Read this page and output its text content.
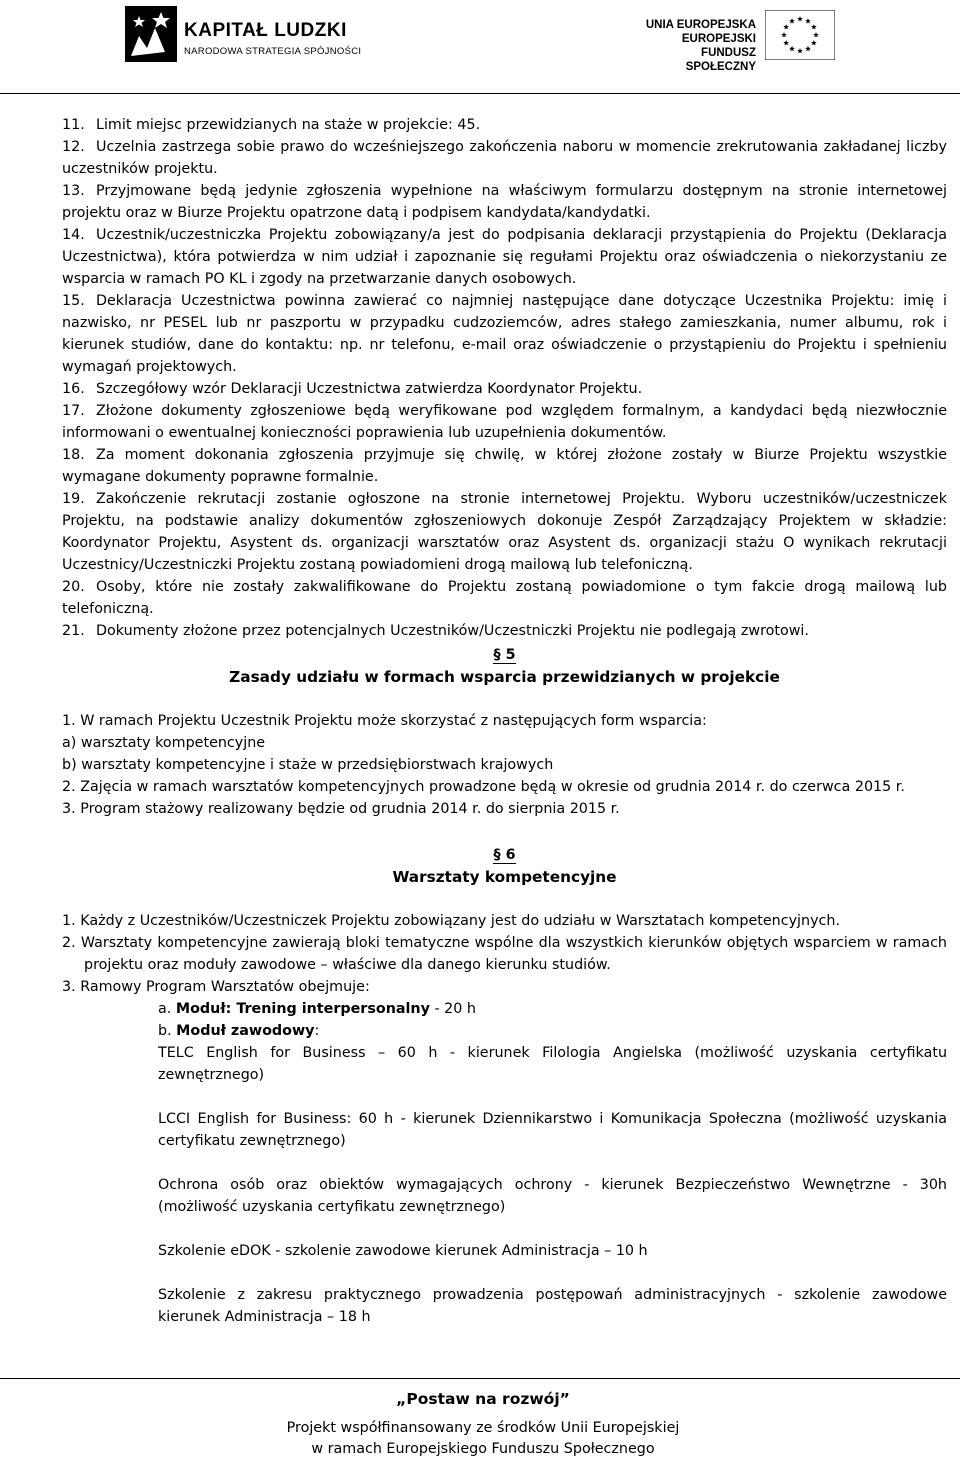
KAPITAŁ LUDZKI
NARODOWA STRATEGIA SPÓJNOŚCI
UNIA EUROPEJSKA
EUROPEJSKI
FUNDUSZ SPOŁECZNY

11. Limit miejsc przewidzianych na staże w projekcie: 45.

12. Uczelnia zastrzega sobie prawo do wcześniejszego zakończenia naboru w momencie zrekrutowania zakładanej liczby uczestników projektu.

13. Przyjmowane będą jedynie zgłoszenia wypełnione na właściwym formularzu dostępnym na stronie internetowej projektu oraz w Biurze Projektu opatrzone datą i podpisem kandydata/kandydatki.

14. Uczestnik/uczestniczka Projektu zobowiązany/a jest do podpisania deklaracji przystąpienia do Projektu (Deklaracja Uczestnictwa), która potwierdza w nim udział i zapoznanie się regułami Projektu oraz oświadczenia o niekorzystaniu ze wsparcia w ramach PO KL i zgody na przetwarzanie danych osobowych.

15. Deklaracja Uczestnictwa powinna zawierać co najmniej następujące dane dotyczące Uczestnika Projektu: imię i nazwisko, nr PESEL lub nr paszportu w przypadku cudzoziemców, adres stałego zamieszkania, numer albumu, rok i kierunek studiów, dane do kontaktu: np. nr telefonu, e-mail oraz oświadczenie o przystąpieniu do Projektu i spełnieniu wymagań projektowych.

16. Szczegółowy wzór Deklaracji Uczestnictwa zatwierdza Koordynator Projektu.

17. Złożone dokumenty zgłoszeniowe będą weryfikowane pod względem formalnym, a kandydaci będą niezwłocznie informowani o ewentualnej konieczności poprawienia lub uzupełnienia dokumentów.

18. Za moment dokonania zgłoszenia przyjmuje się chwilę, w której złożone zostały w Biurze Projektu wszystkie wymagane dokumenty poprawne formalnie.

19. Zakończenie rekrutacji zostanie ogłoszone na stronie internetowej Projektu. Wyboru uczestników/uczestniczek Projektu, na podstawie analizy dokumentów zgłoszeniowych dokonuje Zespół Zarządzający Projektem w składzie: Koordynator Projektu, Asystent ds. organizacji warsztatów oraz Asystent ds. organizacji stażu O wynikach rekrutacji Uczestnicy/Uczestniczki Projektu zostaną powiadomieni drogą mailową lub telefoniczną.

20. Osoby, które nie zostały zakwalifikowane do Projektu zostaną powiadomione o tym fakcie drogą mailową lub telefoniczną.

21. Dokumenty złożone przez potencjalnych Uczestników/Uczestniczki Projektu nie podlegają zwrotowi.

§ 5

Zasady udziału w formach wsparcia przewidzianych w projekcie

1. W ramach Projektu Uczestnik Projektu może skorzystać z następujących form wsparcia:

a) warsztaty kompetencyjne

b) warsztaty kompetencyjne i staże w przedsiębiorstwach krajowych

2. Zajęcia w ramach warsztatów kompetencyjnych prowadzone będą w okresie od grudnia 2014 r. do czerwca 2015 r.

3. Program stażowy realizowany będzie od grudnia 2014 r. do sierpnia 2015 r.

§ 6

Warsztaty kompetencyjne

1. Każdy z Uczestników/Uczestniczek Projektu zobowiązany jest do udziału w Warsztatach kompetencyjnych.

2. Warsztaty kompetencyjne zawierają bloki tematyczne wspólne dla wszystkich kierunków objętych wsparciem w ramach projektu oraz moduły zawodowe – właściwe dla danego kierunku studiów.

3. Ramowy Program Warsztatów obejmuje:

a. Moduł: Trening interpersonalny - 20 h

b. Moduł zawodowy:

TELC English for Business – 60 h - kierunek Filologia Angielska (możliwość uzyskania certyfikatu zewnętrznego)

LCCI English for Business: 60 h - kierunek Dziennikarstwo i Komunikacja Społeczna (możliwość uzyskania certyfikatu zewnętrznego)

Ochrona osób oraz obiektów wymagających ochrony - kierunek Bezpieczeństwo Wewnętrzne - 30h (możliwość uzyskania certyfikatu zewnętrznego)

Szkolenie eDOK - szkolenie zawodowe kierunek Administracja – 10 h

Szkolenie z zakresu praktycznego prowadzenia postępowań administracyjnych - szkolenie zawodowe kierunek Administracja – 18 h

„Postaw na rozwój”
Projekt współfinansowany ze środków Unii Europejskiej
w ramach Europejskiego Funduszu Społecznego
